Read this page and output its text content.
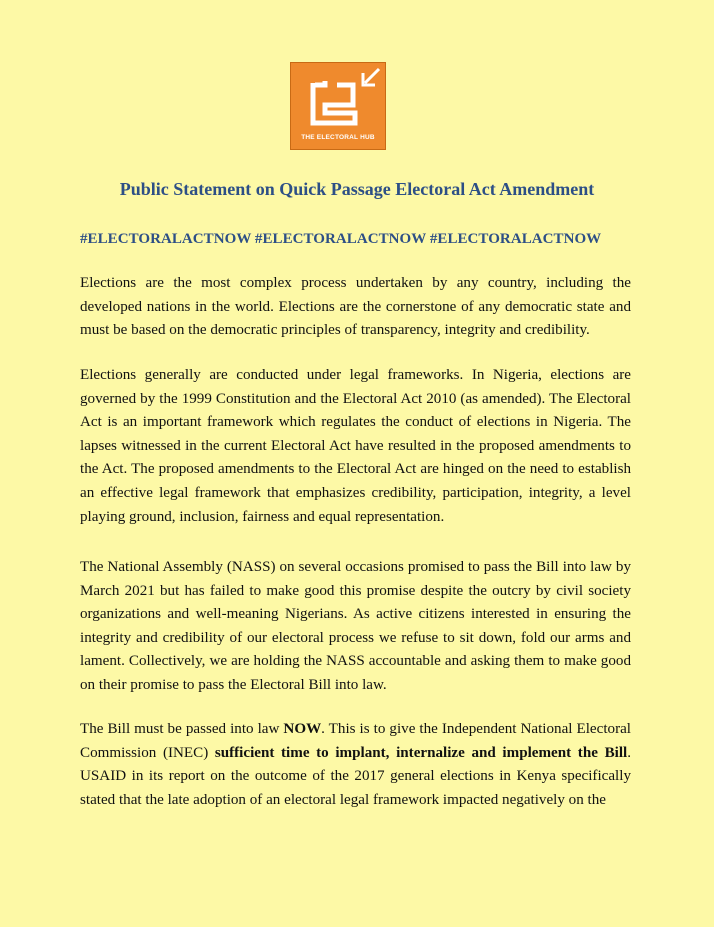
THE ELECTORAL HUB
Public Statement on Quick Passage Electoral Act Amendment
#ELECTORALACTNOW #ELECTORALACTNOW #ELECTORALACTNOW

Elections are the most complex process undertaken by any country, including the developed nations in the world. Elections are the cornerstone of any democratic state and must be based on the democratic principles of transparency, integrity and credibility.

Elections generally are conducted under legal frameworks. In Nigeria, elections are governed by the 1999 Constitution and the Electoral Act 2010 (as amended). The Electoral Act is an important framework which regulates the conduct of elections in Nigeria. The lapses witnessed in the current Electoral Act have resulted in the proposed amendments to the Act. The proposed amendments to the Electoral Act are hinged on the need to establish an effective legal framework that emphasizes credibility, participation, integrity, a level playing ground, inclusion, fairness and equal representation.

The National Assembly (NASS) on several occasions promised to pass the Bill into law by March 2021 but has failed to make good this promise despite the outcry by civil society organizations and well-meaning Nigerians. As active citizens interested in ensuring the integrity and credibility of our electoral process we refuse to sit down, fold our arms and lament. Collectively, we are holding the NASS accountable and asking them to make good on their promise to pass the Electoral Bill into law.

The Bill must be passed into law NOW. This is to give the Independent National Electoral Commission (INEC) sufficient time to implant, internalize and implement the Bill. USAID in its report on the outcome of the 2017 general elections in Kenya specifically stated that the late adoption of an electoral legal framework impacted negatively on the
